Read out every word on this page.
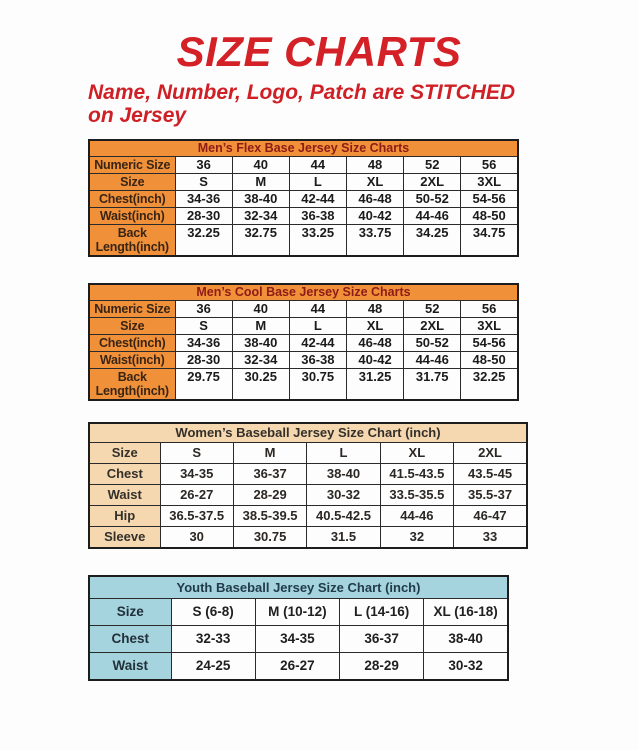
SIZE CHARTS
Name, Number, Logo, Patch are STITCHED
on Jersey
Men’s Flex Base Jersey Size Charts						
Numeric Size	36	40	44	48	52	56
Size	S	M	L	XL	2XL	3XL
Chest(inch)	34-36	38-40	42-44	46-48	50-52	54-56
Waist(inch)	28-30	32-34	36-38	40-42	44-46	48-50
Back Length(inch)	32.25	32.75	33.25	33.75	34.25	34.75
Men’s Cool Base Jersey Size Charts						
Numeric Size	36	40	44	48	52	56
Size	S	M	L	XL	2XL	3XL
Chest(inch)	34-36	38-40	42-44	46-48	50-52	54-56
Waist(inch)	28-30	32-34	36-38	40-42	44-46	48-50
Back Length(inch)	29.75	30.25	30.75	31.25	31.75	32.25
Women’s Baseball Jersey Size Chart (inch)					
Size	S	M	L	XL	2XL
Chest	34-35	36-37	38-40	41.5-43.5	43.5-45
Waist	26-27	28-29	30-32	33.5-35.5	35.5-37
Hip	36.5-37.5	38.5-39.5	40.5-42.5	44-46	46-47
Sleeve	30	30.75	31.5	32	33
Youth Baseball Jersey Size Chart (inch)				
Size	S (6-8)	M (10-12)	L (14-16)	XL (16-18)
Chest	32-33	34-35	36-37	38-40
Waist	24-25	26-27	28-29	30-32
